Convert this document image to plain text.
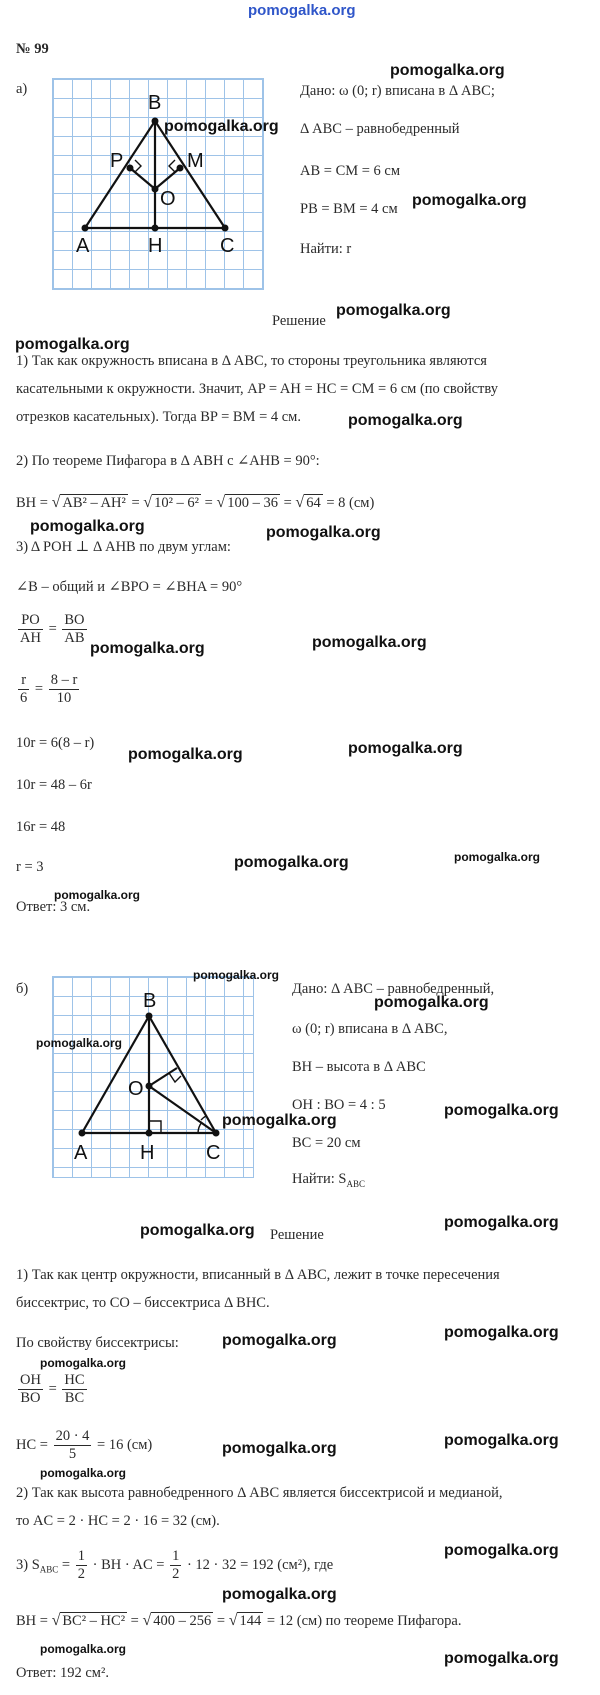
pomogalka.org
№ 99
а)
B
P	M
O
A	H	C
Дано: ω (0; r) вписана в Δ ABC;
Δ ABC – равнобедренный
AB = CM = 6 см
PB = BM = 4 см
Найти: r
pomogalka.org
pomogalka.org
pomogalka.org
pomogalka.org
pomogalka.org
pomogalka.org
pomogalka.org	pomogalka.org
pomogalka.org	pomogalka.org
pomogalka.org	pomogalka.org
pomogalka.org	pomogalka.org
pomogalka.org
Решение
1) Так как окружность вписана в Δ ABC, то стороны треугольника являются
касательными к окружности. Значит, AP = AH = HC = CM = 6 см (по свойству
отрезков касательных). Тогда BP = BM = 4 см.
2) По теореме Пифагора в Δ ABH с ∠AHB = 90°:
BH = √ AB² – AH² = √ 10² – 6² = √ 100 – 36 = √ 64 = 8 (см)
3) Δ POH ⊥ Δ AHB по двум углам:
∠B – общий и ∠BPO = ∠BHA = 90°
$\frac{PO}{AH} = \frac{BO}{AB}$
$\frac{r}{6} = \frac{8 - r}{10}$
10r = 6(8 – r)
10r = 48 – 6r
16r = 48
r = 3
Ответ: 3 см.
б)
B
O
A	H	C
Дано: Δ ABC – равнобедренный,
ω (0; r) вписана в Δ ABC,
BH – высота в Δ ABC
OH : BO = 4 : 5
BC = 20 см
Найти: $S_{ABC}$
pomogalka.org
pomogalka.org
pomogalka.org
pomogalka.org
pomogalka.org
pomogalka.org	pomogalka.org
pomogalka.org	pomogalka.org
pomogalka.org
pomogalka.org	pomogalka.org
pomogalka.org
pomogalka.org
pomogalka.org
pomogalka.org
pomogalka.org
Решение
1) Так как центр окружности, вписанный в Δ ABC, лежит в точке пересечения
биссектрис, то CO – биссектриса Δ BHC.
По свойству биссектрисы:
$\frac{OH}{BO} = \frac{HC}{BC}$
HC = $\frac{20 \cdot 4}{5} = 16$ (см)
2) Так как высота равнобедренного Δ ABC является биссектрисой и медианой,
то AC = 2 · HC = 2 · 16 = 32 (см).
3) $S_{ABC} = \frac{1}{2}$ · BH · AC = $\frac{1}{2} \cdot 12 \cdot 32 = 192$ (см²), где
BH = √ BC² – HC² = √ 400 – 256 = √ 144 = 12 (см) по теореме Пифагора.
Ответ: 192 см².
